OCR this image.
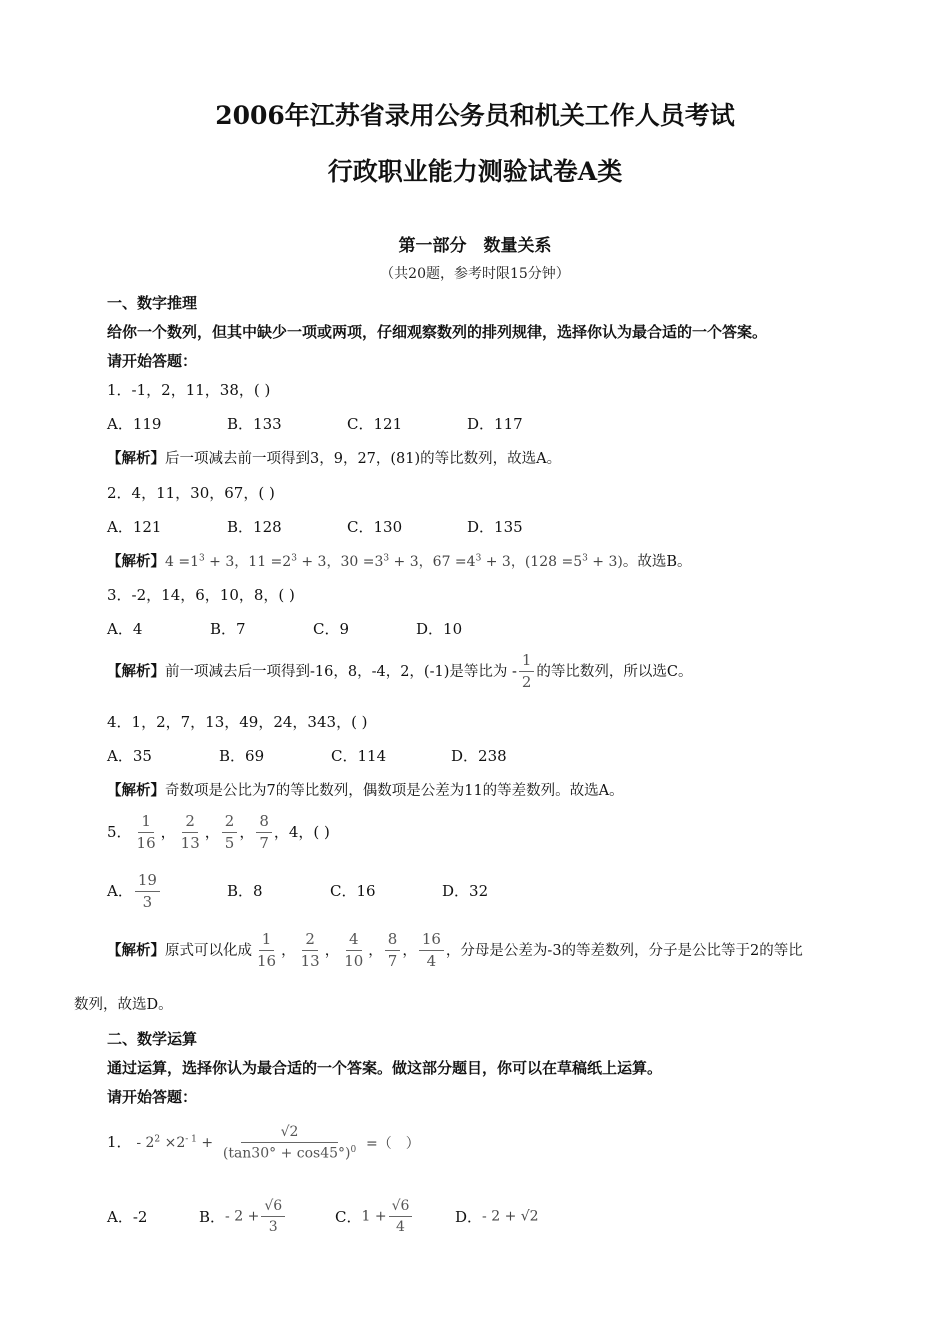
2006年江苏省录用公务员和机关工作人员考试
行政职业能力测验试卷A类
第一部分　数量关系
（共20题，参考时限15分钟）
一、数字推理
给你一个数列，但其中缺少一项或两项，仔细观察数列的排列规律，选择你认为最合适的一个答案。
请开始答题：
1．-1，2，11，38，( )
A．119	B．133	C．121	D．117
【解析】后一项减去前一项得到3，9，27，(81)的等比数列，故选A。
2．4，11，30，67，( )
A．121	B．128	C．130	D．135
【解析】$4 =1^3 + 3$，$11 =2^3 + 3$，$30 =3^3 + 3$，$67 =4^3 + 3$，$(128 =5^3 + 3)$。故选B。
3．-2，14，6，10，8，( )
A．4	B．7	C．9	D．10
【解析】前一项减去后一项得到-16，8，-4，2，(-1)是等比为 - $\frac{1}{2}$ 的等比数列，所以选C。
4．1，2，7，13，49，24，343，( )
A．35	B．69	C．114	D．238
【解析】奇数项是公比为7的等比数列，偶数项是公差为11的等差数列。故选A。
5． $\frac{1}{16}$ ， $\frac{2}{13}$ ， $\frac{2}{5}$ ， $\frac{8}{7}$ ，4，( )
A． $\frac{19}{3}$	B．8	C．16	D．32
【解析】原式可以化成 $\frac{1}{16}$ ， $\frac{2}{13}$ ， $\frac{4}{10}$ ， $\frac{8}{7}$ ， $\frac{16}{4}$ ，分母是公差为-3的等差数列，分子是公比等于2的等比
数列，故选D。
二、数学运算
通过运算，选择你认为最合适的一个答案。做这部分题目，你可以在草稿纸上运算。
请开始答题：
1． - $2^2 \times 2^{- 1} + \frac{√2}{(\tan 30^\circ + \cos 45^\circ)^0}$ =（　）
A．-2	B．- $2 + \frac{√6}{3}$	C．$1 + \frac{√6}{4}$	D．- 2 + √2
